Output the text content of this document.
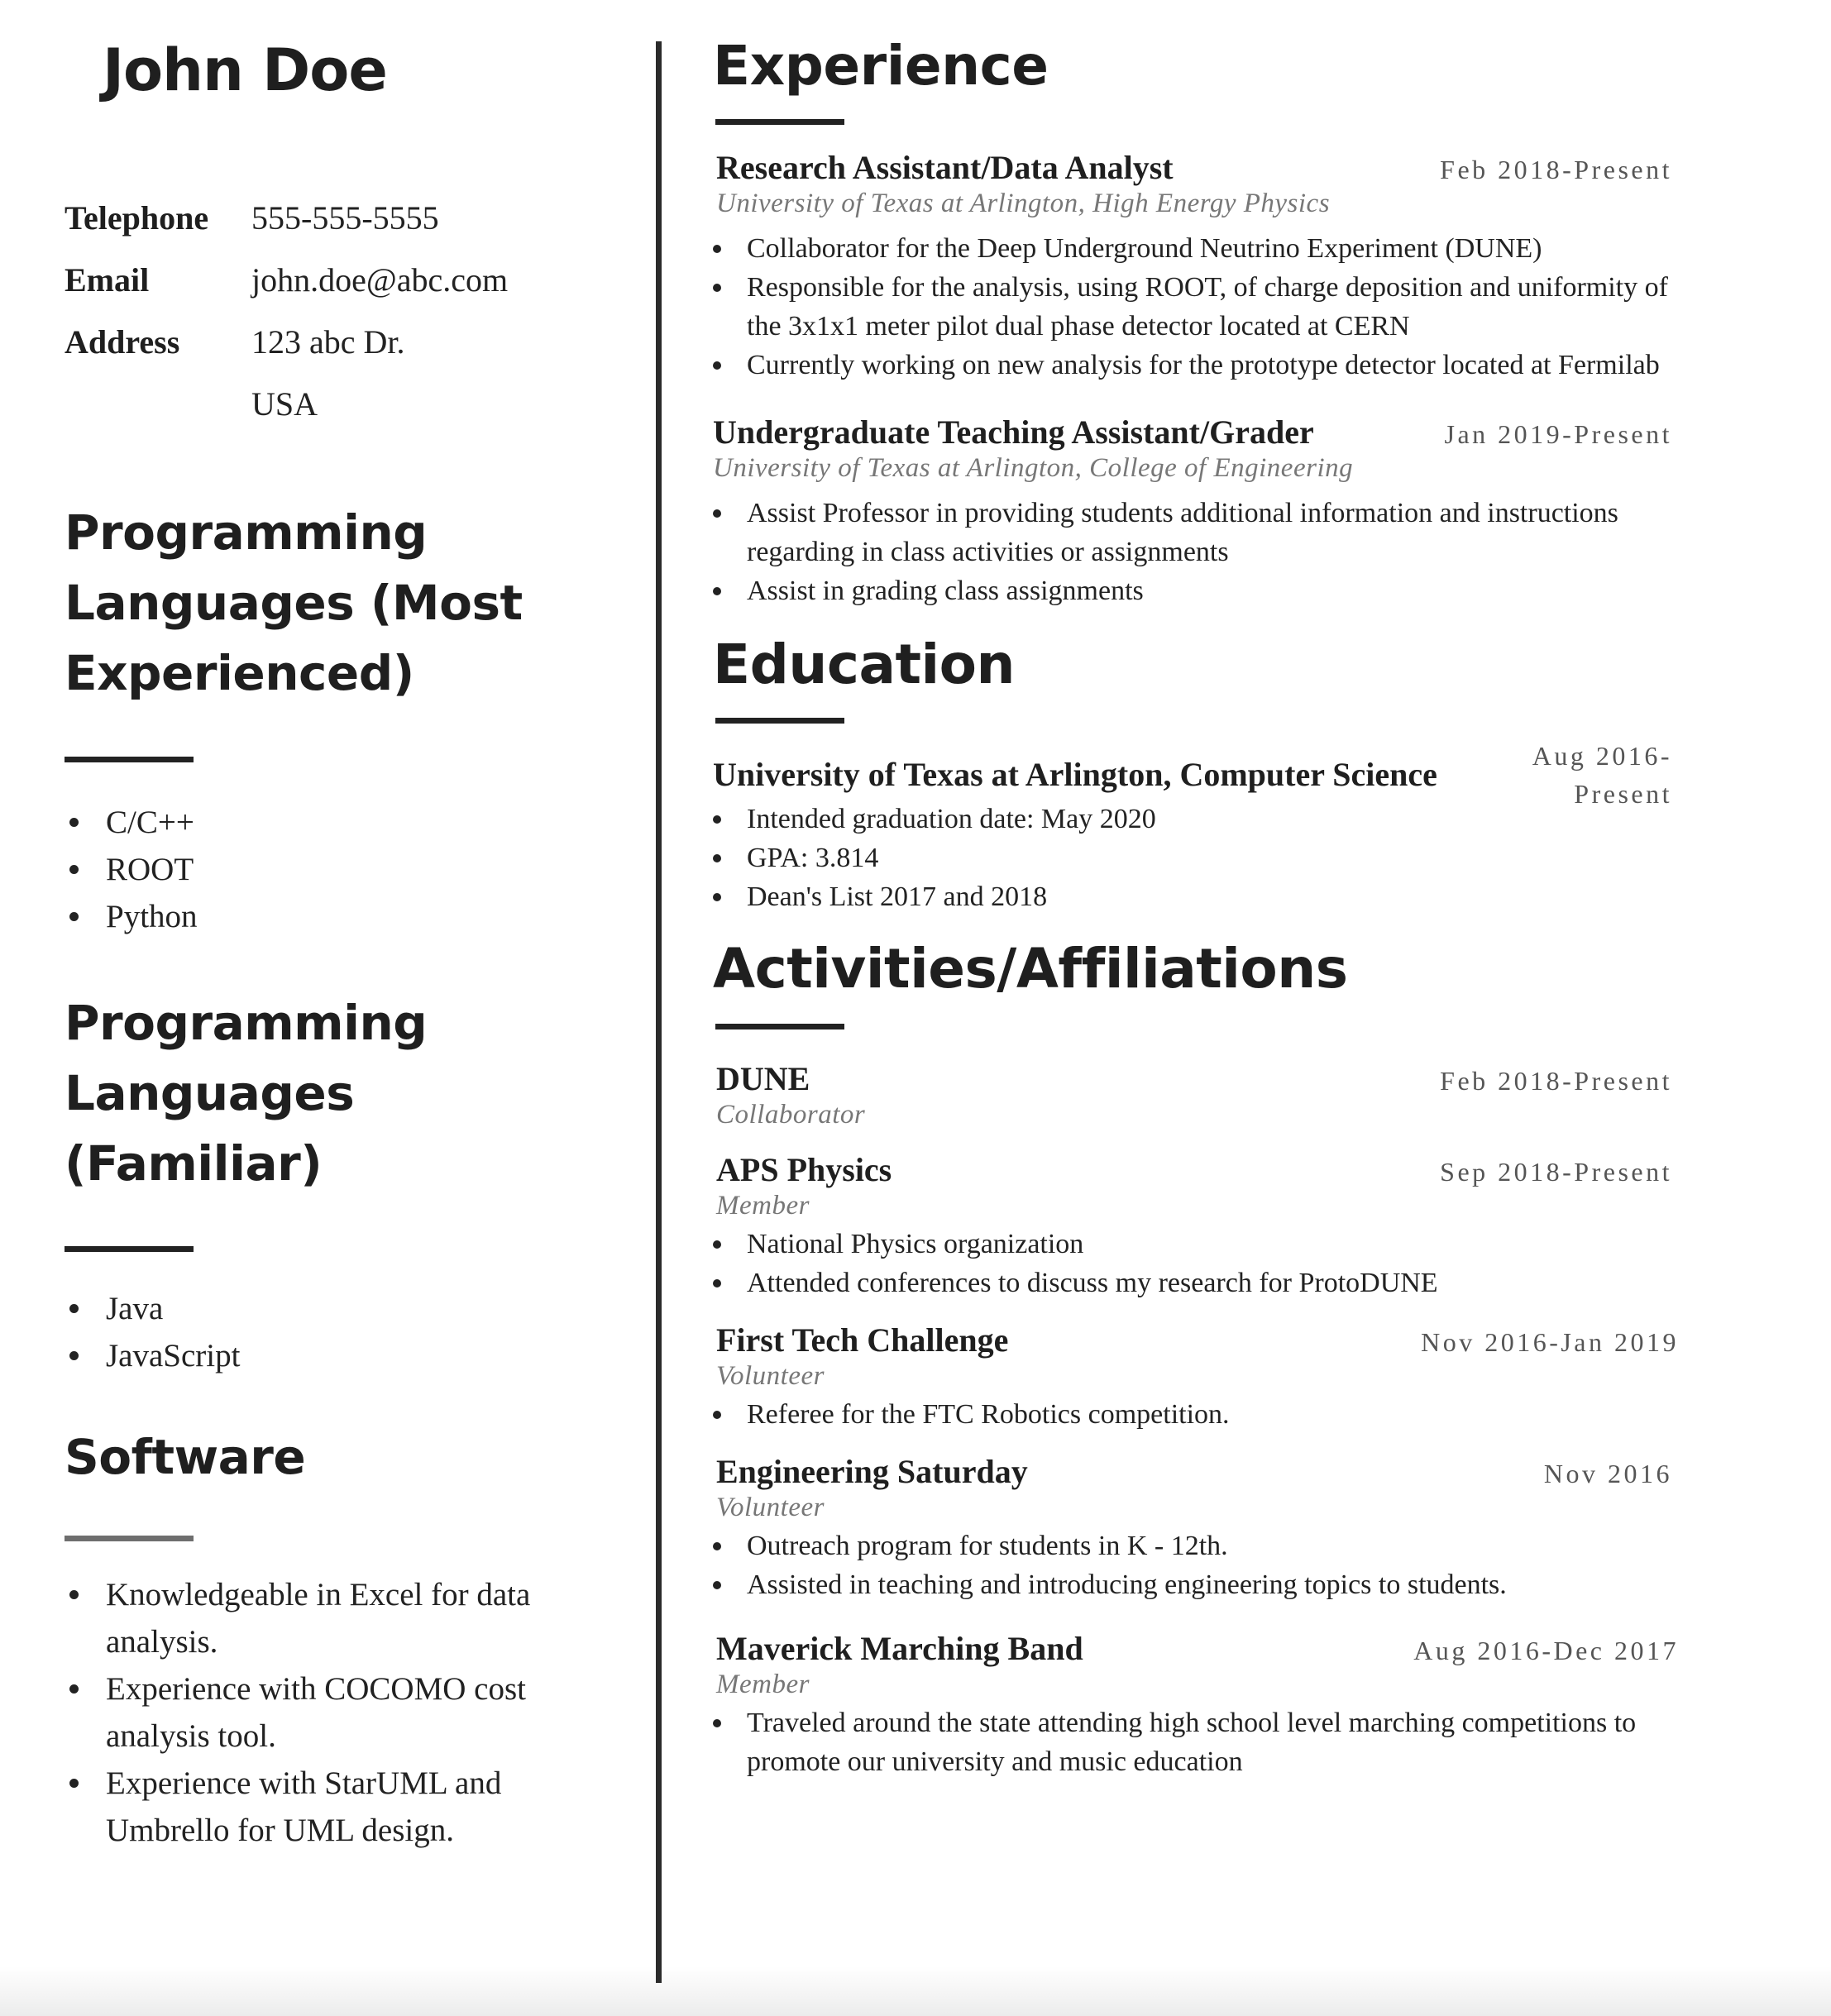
John Doe
Telephone	555-555-5555
Email	john.doe@abc.com
Address	123 abc Dr.
USA
Programming
Languages (Most
Experienced)
C/C++
ROOT
Python
Programming
Languages (Familiar)
Java
JavaScript
Software
Knowledgeable in Excel for data analysis.
Experience with COCOMO cost analysis tool.
Experience with StarUML and Umbrello for UML design.
Experience
Research Assistant/Data Analyst	Feb 2018-Present
University of Texas at Arlington, High Energy Physics
Collaborator for the Deep Underground Neutrino Experiment (DUNE)
Responsible for the analysis, using ROOT, of charge deposition and uniformity of the 3x1x1 meter pilot dual phase detector located at CERN
Currently working on new analysis for the prototype detector located at Fermilab
Undergraduate Teaching Assistant/Grader	Jan 2019-Present
University of Texas at Arlington, College of Engineering
Assist Professor in providing students additional information and instructions regarding in class activities or assignments
Assist in grading class assignments
Education
University of Texas at Arlington, Computer Science	Aug 2016-
Present
Intended graduation date: May 2020
GPA: 3.814
Dean's List 2017 and 2018
Activities/Affiliations
DUNE	Feb 2018-Present
Collaborator
APS Physics	Sep 2018-Present
Member
National Physics organization
Attended conferences to discuss my research for ProtoDUNE
First Tech Challenge	Nov 2016-Jan 2019
Volunteer
Referee for the FTC Robotics competition.
Engineering Saturday	Nov 2016
Volunteer
Outreach program for students in K - 12th.
Assisted in teaching and introducing engineering topics to students.
Maverick Marching Band	Aug 2016-Dec 2017
Member
Traveled around the state attending high school level marching competitions to promote our university and music education
